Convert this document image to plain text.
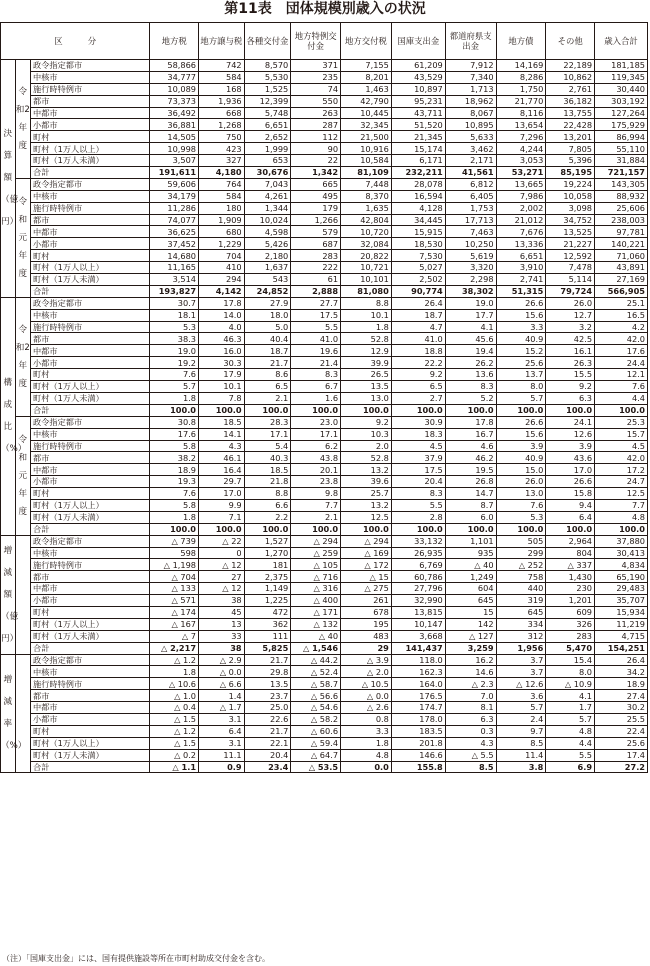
第11表　団体規模別歳入の状況
区　　　分			地方税	地方譲与税	各種交付金	地方特例交付金	地方交付税	国庫支出金	都道府県支出金	地方債	その他	歳入合計
決算額（億円）	令和2年度	政令指定都市	58,866	742	8,570	371	7,155	61,209	7,912	14,169	22,189	181,185
		中核市	34,777	584	5,530	235	8,201	43,529	7,340	8,286	10,862	119,345
		施行時特例市	10,089	168	1,525	74	1,463	10,897	1,713	1,750	2,761	30,440
		都市	73,373	1,936	12,399	550	42,790	95,231	18,962	21,770	36,182	303,192
		中都市	36,492	668	5,748	263	10,445	43,711	8,067	8,116	13,755	127,264
		小都市	36,881	1,268	6,651	287	32,345	51,520	10,895	13,654	22,428	175,929
		町村	14,505	750	2,652	112	21,500	21,345	5,633	7,296	13,201	86,994
		町村（1万人以上）	10,998	423	1,999	90	10,916	15,174	3,462	4,244	7,805	55,110
		町村（1万人未満）	3,507	327	653	22	10,584	6,171	2,171	3,053	5,396	31,884
		合計	191,611	4,180	30,676	1,342	81,109	232,211	41,561	53,271	85,195	721,157
	令和元年度	政令指定都市	59,606	764	7,043	665	7,448	28,078	6,812	13,665	19,224	143,305
		中核市	34,179	584	4,261	495	8,370	16,594	6,405	7,986	10,058	88,932
		施行時特例市	11,286	180	1,344	179	1,635	4,128	1,753	2,002	3,098	25,606
		都市	74,077	1,909	10,024	1,266	42,804	34,445	17,713	21,012	34,752	238,003
		中都市	36,625	680	4,598	579	10,720	15,915	7,463	7,676	13,525	97,781
		小都市	37,452	1,229	5,426	687	32,084	18,530	10,250	13,336	21,227	140,221
		町村	14,680	704	2,180	283	20,822	7,530	5,619	6,651	12,592	71,060
		町村（1万人以上）	11,165	410	1,637	222	10,721	5,027	3,320	3,910	7,478	43,891
		町村（1万人未満）	3,514	294	543	61	10,101	2,502	2,298	2,741	5,114	27,169
		合計	193,827	4,142	24,852	2,888	81,080	90,774	38,302	51,315	79,724	566,905
構成比（%）	令和2年度	政令指定都市	30.7	17.8	27.9	27.7	8.8	26.4	19.0	26.6	26.0	25.1
		中核市	18.1	14.0	18.0	17.5	10.1	18.7	17.7	15.6	12.7	16.5
		施行時特例市	5.3	4.0	5.0	5.5	1.8	4.7	4.1	3.3	3.2	4.2
		都市	38.3	46.3	40.4	41.0	52.8	41.0	45.6	40.9	42.5	42.0
		中都市	19.0	16.0	18.7	19.6	12.9	18.8	19.4	15.2	16.1	17.6
		小都市	19.2	30.3	21.7	21.4	39.9	22.2	26.2	25.6	26.3	24.4
		町村	7.6	17.9	8.6	8.3	26.5	9.2	13.6	13.7	15.5	12.1
		町村（1万人以上）	5.7	10.1	6.5	6.7	13.5	6.5	8.3	8.0	9.2	7.6
		町村（1万人未満）	1.8	7.8	2.1	1.6	13.0	2.7	5.2	5.7	6.3	4.4
		合計	100.0	100.0	100.0	100.0	100.0	100.0	100.0	100.0	100.0	100.0
	令和元年度	政令指定都市	30.8	18.5	28.3	23.0	9.2	30.9	17.8	26.6	24.1	25.3
		中核市	17.6	14.1	17.1	17.1	10.3	18.3	16.7	15.6	12.6	15.7
		施行時特例市	5.8	4.3	5.4	6.2	2.0	4.5	4.6	3.9	3.9	4.5
		都市	38.2	46.1	40.3	43.8	52.8	37.9	46.2	40.9	43.6	42.0
		中都市	18.9	16.4	18.5	20.1	13.2	17.5	19.5	15.0	17.0	17.2
		小都市	19.3	29.7	21.8	23.8	39.6	20.4	26.8	26.0	26.6	24.7
		町村	7.6	17.0	8.8	9.8	25.7	8.3	14.7	13.0	15.8	12.5
		町村（1万人以上）	5.8	9.9	6.6	7.7	13.2	5.5	8.7	7.6	9.4	7.7
		町村（1万人未満）	1.8	7.1	2.2	2.1	12.5	2.8	6.0	5.3	6.4	4.8
		合計	100.0	100.0	100.0	100.0	100.0	100.0	100.0	100.0	100.0	100.0
増減額（億円）		政令指定都市	△ 739	△ 22	1,527	△ 294	△ 294	33,132	1,101	505	2,964	37,880
		中核市	598	0	1,270	△ 259	△ 169	26,935	935	299	804	30,413
		施行時特例市	△ 1,198	△ 12	181	△ 105	△ 172	6,769	△ 40	△ 252	△ 337	4,834
		都市	△ 704	27	2,375	△ 716	△ 15	60,786	1,249	758	1,430	65,190
		中都市	△ 133	△ 12	1,149	△ 316	△ 275	27,796	604	440	230	29,483
		小都市	△ 571	38	1,225	△ 400	261	32,990	645	319	1,201	35,707
		町村	△ 174	45	472	△ 171	678	13,815	15	645	609	15,934
		町村（1万人以上）	△ 167	13	362	△ 132	195	10,147	142	334	326	11,219
		町村（1万人未満）	△ 7	33	111	△ 40	483	3,668	△ 127	312	283	4,715
		合計	△ 2,217	38	5,825	△ 1,546	29	141,437	3,259	1,956	5,470	154,251
増減率（%）		政令指定都市	△ 1.2	△ 2.9	21.7	△ 44.2	△ 3.9	118.0	16.2	3.7	15.4	26.4
		中核市	1.8	△ 0.0	29.8	△ 52.4	△ 2.0	162.3	14.6	3.7	8.0	34.2
		施行時特例市	△ 10.6	△ 6.6	13.5	△ 58.7	△ 10.5	164.0	△ 2.3	△ 12.6	△ 10.9	18.9
		都市	△ 1.0	1.4	23.7	△ 56.6	△ 0.0	176.5	7.0	3.6	4.1	27.4
		中都市	△ 0.4	△ 1.7	25.0	△ 54.6	△ 2.6	174.7	8.1	5.7	1.7	30.2
		小都市	△ 1.5	3.1	22.6	△ 58.2	0.8	178.0	6.3	2.4	5.7	25.5
		町村	△ 1.2	6.4	21.7	△ 60.6	3.3	183.5	0.3	9.7	4.8	22.4
		町村（1万人以上）	△ 1.5	3.1	22.1	△ 59.4	1.8	201.8	4.3	8.5	4.4	25.6
		町村（1万人未満）	△ 0.2	11.1	20.4	△ 64.7	4.8	146.6	△ 5.5	11.4	5.5	17.4
		合計	△ 1.1	0.9	23.4	△ 53.5	0.0	155.8	8.5	3.8	6.9	27.2
（注）「国庫支出金」には、国有提供施設等所在市町村助成交付金を含む。
